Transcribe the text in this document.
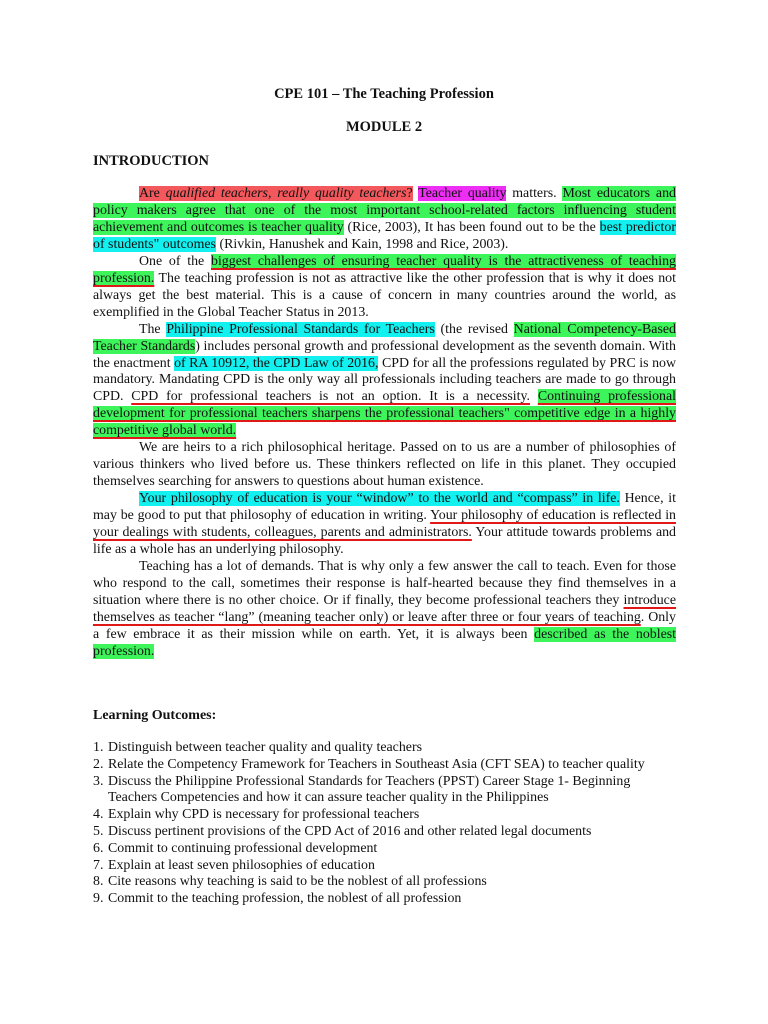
CPE 101 – The Teaching Profession
MODULE 2
INTRODUCTION

Are qualified teachers, really quality teachers? Teacher quality matters. Most educators and policy makers agree that one of the most important school-related factors influencing student achievement and outcomes is teacher quality (Rice, 2003), It has been found out to be the best predictor of students" outcomes (Rivkin, Hanushek and Kain, 1998 and Rice, 2003).

One of the biggest challenges of ensuring teacher quality is the attractiveness of teaching profession. The teaching profession is not as attractive like the other profession that is why it does not always get the best material. This is a cause of concern in many countries around the world, as exemplified in the Global Teacher Status in 2013.

The Philippine Professional Standards for Teachers (the revised National Competency-Based Teacher Standards) includes personal growth and professional development as the seventh domain. With the enactment of RA 10912, the CPD Law of 2016, CPD for all the professions regulated by PRC is now mandatory. Mandating CPD is the only way all professionals including teachers are made to go through CPD. CPD for professional teachers is not an option. It is a necessity. Continuing professional development for professional teachers sharpens the professional teachers" competitive edge in a highly competitive global world.

We are heirs to a rich philosophical heritage. Passed on to us are a number of philosophies of various thinkers who lived before us. These thinkers reflected on life in this planet. They occupied themselves searching for answers to questions about human existence.

Your philosophy of education is your “window” to the world and “compass” in life. Hence, it may be good to put that philosophy of education in writing. Your philosophy of education is reflected in your dealings with students, colleagues, parents and administrators. Your attitude towards problems and life as a whole has an underlying philosophy.

Teaching has a lot of demands. That is why only a few answer the call to teach. Even for those who respond to the call, sometimes their response is half-hearted because they find themselves in a situation where there is no other choice. Or if finally, they become professional teachers they introduce themselves as teacher “lang” (meaning teacher only) or leave after three or four years of teaching. Only a few embrace it as their mission while on earth. Yet, it is always been described as the noblest profession.

Learning Outcomes:
1. Distinguish between teacher quality and quality teachers
2. Relate the Competency Framework for Teachers in Southeast Asia (CFT SEA) to teacher quality
3. Discuss the Philippine Professional Standards for Teachers (PPST) Career Stage 1- Beginning Teachers Competencies and how it can assure teacher quality in the Philippines
4. Explain why CPD is necessary for professional teachers
5. Discuss pertinent provisions of the CPD Act of 2016 and other related legal documents
6. Commit to continuing professional development
7. Explain at least seven philosophies of education
8. Cite reasons why teaching is said to be the noblest of all professions
9. Commit to the teaching profession, the noblest of all profession
